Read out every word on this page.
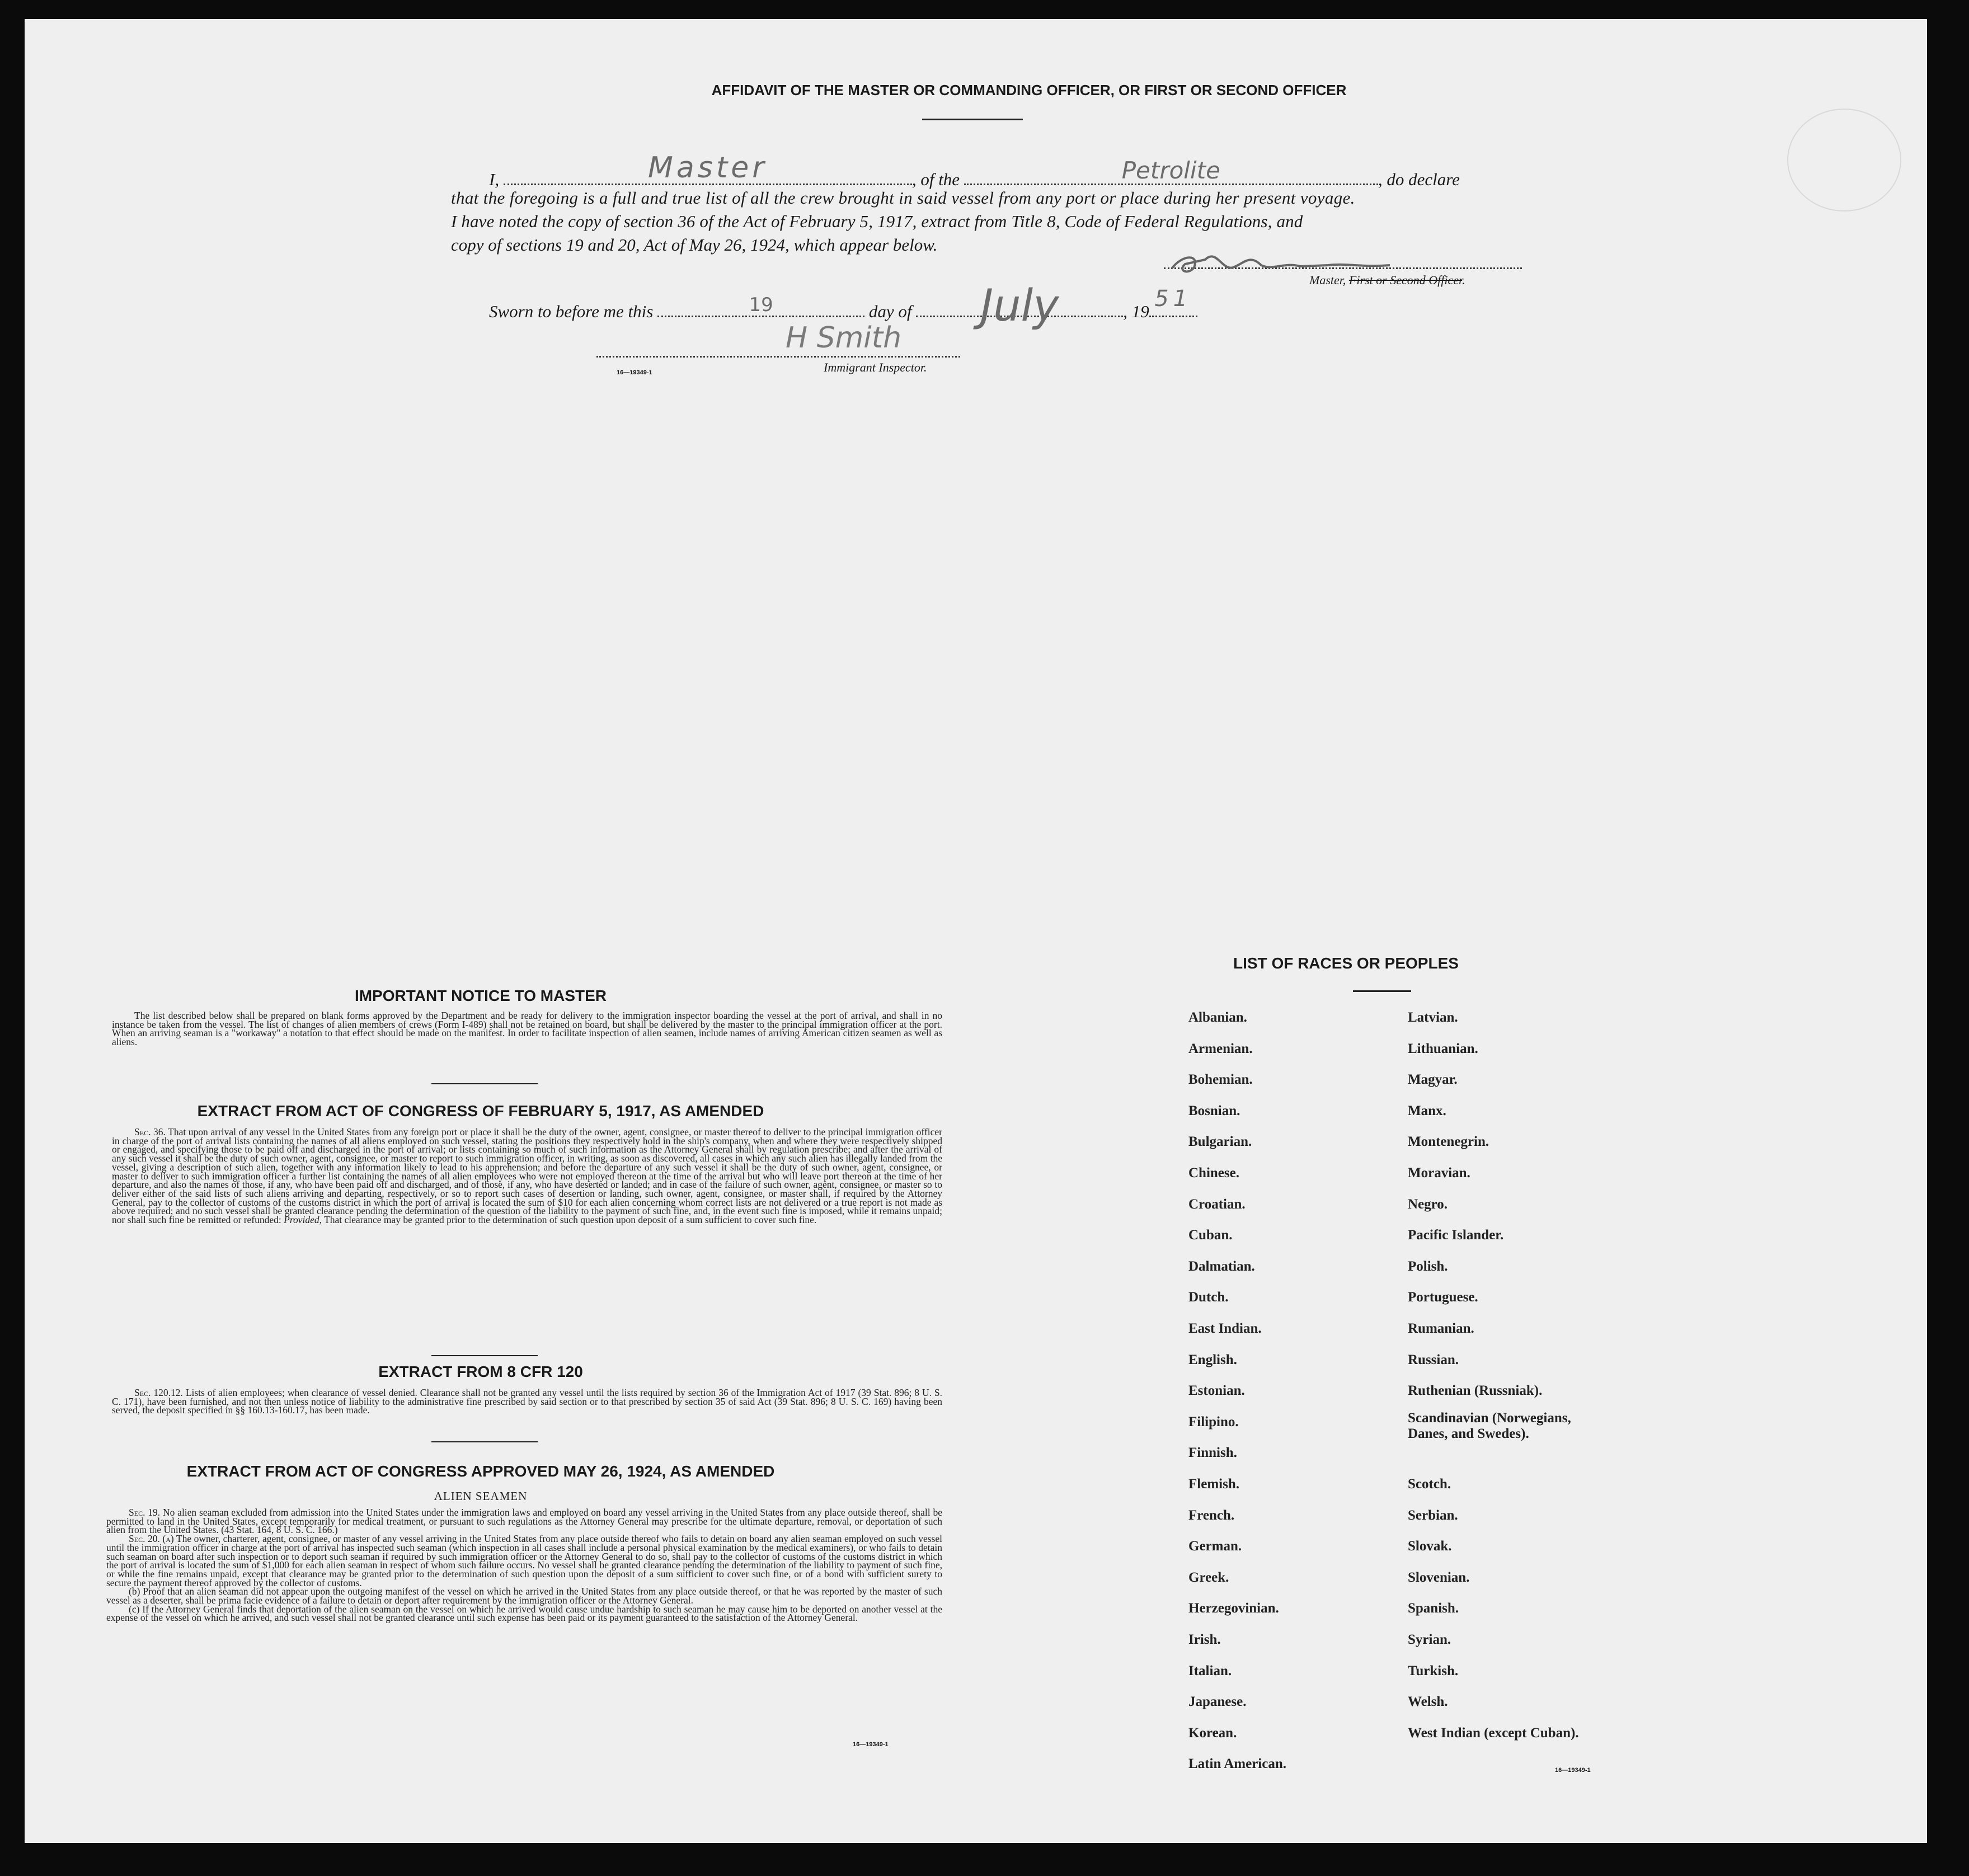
AFFIDAVIT OF THE MASTER OR COMMANDING OFFICER, OR FIRST OR SECOND OFFICER
I,	Master	, of the	Petrolite	, do declare
that the foregoing is a full and true list of all the crew brought in said vessel from any port or place during her present voyage.
I have noted the copy of section 36 of the Act of February 5, 1917, extract from Title 8, Code of Federal Regulations, and
copy of sections 19 and 20, Act of May 26, 1924, which appear below.
Master, First or Second Officer.
Sworn to before me this	19	day of	July	, 19 51
H Smith
16—19349-1	Immigrant Inspector.
IMPORTANT NOTICE TO MASTER

The list described below shall be prepared on blank forms approved by the Department and be ready for delivery to the immigration inspector boarding the vessel at the port of arrival, and shall in no instance be taken from the vessel. The list of changes of alien members of crews (Form I-489) shall not be retained on board, but shall be delivered by the master to the principal immigration officer at the port. When an arriving seaman is a "workaway" a notation to that effect should be made on the manifest. In order to facilitate inspection of alien seamen, include names of arriving American citizen seamen as well as aliens.

EXTRACT FROM ACT OF CONGRESS OF FEBRUARY 5, 1917, AS AMENDED

Sec. 36. That upon arrival of any vessel in the United States from any foreign port or place it shall be the duty of the owner, agent, consignee, or master thereof to deliver to the principal immigration officer in charge of the port of arrival lists containing the names of all aliens employed on such vessel, stating the positions they respectively hold in the ship's company, when and where they were respectively shipped or engaged, and specifying those to be paid off and discharged in the port of arrival; or lists containing so much of such information as the Attorney General shall by regulation prescribe; and after the arrival of any such vessel it shall be the duty of such owner, agent, consignee, or master to report to such immigration officer, in writing, as soon as discovered, all cases in which any such alien has illegally landed from the vessel, giving a description of such alien, together with any information likely to lead to his apprehension; and before the departure of any such vessel it shall be the duty of such owner, agent, consignee, or master to deliver to such immigration officer a further list containing the names of all alien employees who were not employed thereon at the time of the arrival but who will leave port thereon at the time of her departure, and also the names of those, if any, who have been paid off and discharged, and of those, if any, who have deserted or landed; and in case of the failure of such owner, agent, consignee, or master so to deliver either of the said lists of such aliens arriving and departing, respectively, or so to report such cases of desertion or landing, such owner, agent, consignee, or master shall, if required by the Attorney General, pay to the collector of customs of the customs district in which the port of arrival is located the sum of $10 for each alien concerning whom correct lists are not delivered or a true report is not made as above required; and no such vessel shall be granted clearance pending the determination of the question of the liability to the payment of such fine, and, in the event such fine is imposed, while it remains unpaid; nor shall such fine be remitted or refunded: Provided, That clearance may be granted prior to the determination of such question upon deposit of a sum sufficient to cover such fine.

EXTRACT FROM 8 CFR 120

Sec. 120.12. Lists of alien employees; when clearance of vessel denied. Clearance shall not be granted any vessel until the lists required by section 36 of the Immigration Act of 1917 (39 Stat. 896; 8 U. S. C. 171), have been furnished, and not then unless notice of liability to the administrative fine prescribed by said section or to that prescribed by section 35 of said Act (39 Stat. 896; 8 U. S. C. 169) having been served, the deposit specified in §§ 160.13-160.17, has been made.

EXTRACT FROM ACT OF CONGRESS APPROVED MAY 26, 1924, AS AMENDED
ALIEN SEAMEN

Sec. 19. No alien seaman excluded from admission into the United States under the immigration laws and employed on board any vessel arriving in the United States from any place outside thereof, shall be permitted to land in the United States, except temporarily for medical treatment, or pursuant to such regulations as the Attorney General may prescribe for the ultimate departure, removal, or deportation of such alien from the United States. (43 Stat. 164, 8 U. S. C. 166.)

Sec. 20. (a) The owner, charterer, agent, consignee, or master of any vessel arriving in the United States from any place outside thereof who fails to detain on board any alien seaman employed on such vessel until the immigration officer in charge at the port of arrival has inspected such seaman (which inspection in all cases shall include a personal physical examination by the medical examiners), or who fails to detain such seaman on board after such inspection or to deport such seaman if required by such immigration officer or the Attorney General to do so, shall pay to the collector of customs of the customs district in which the port of arrival is located the sum of $1,000 for each alien seaman in respect of whom such failure occurs. No vessel shall be granted clearance pending the determination of the liability to payment of such fine, or while the fine remains unpaid, except that clearance may be granted prior to the determination of such question upon the deposit of a sum sufficient to cover such fine, or of a bond with sufficient surety to secure the payment thereof approved by the collector of customs.

(b) Proof that an alien seaman did not appear upon the outgoing manifest of the vessel on which he arrived in the United States from any place outside thereof, or that he was reported by the master of such vessel as a deserter, shall be prima facie evidence of a failure to detain or deport after requirement by the immigration officer or the Attorney General.

(c) If the Attorney General finds that deportation of the alien seaman on the vessel on which he arrived would cause undue hardship to such seaman he may cause him to be deported on another vessel at the expense of the vessel on which he arrived, and such vessel shall not be granted clearance until such expense has been paid or its payment guaranteed to the satisfaction of the Attorney General.

16—19349-1
LIST OF RACES OR PEOPLES
16—19349-1
Albanian.
Armenian.
Bohemian.
Bosnian.
Bulgarian.
Chinese.
Croatian.
Cuban.
Dalmatian.
Dutch.
East Indian.
English.
Estonian.
Filipino.
Finnish.
Flemish.
French.
German.
Greek.
Herzegovinian.
Irish.
Italian.
Japanese.
Korean.
Latin American.
Latvian.
Lithuanian.
Magyar.
Manx.
Montenegrin.
Moravian.
Negro.
Pacific Islander.
Polish.
Portuguese.
Rumanian.
Russian.
Ruthenian (Russniak).
Scandinavian (Norwegians, Danes, and Swedes).
Scotch.
Serbian.
Slovak.
Slovenian.
Spanish.
Syrian.
Turkish.
Welsh.
West Indian (except Cuban).
